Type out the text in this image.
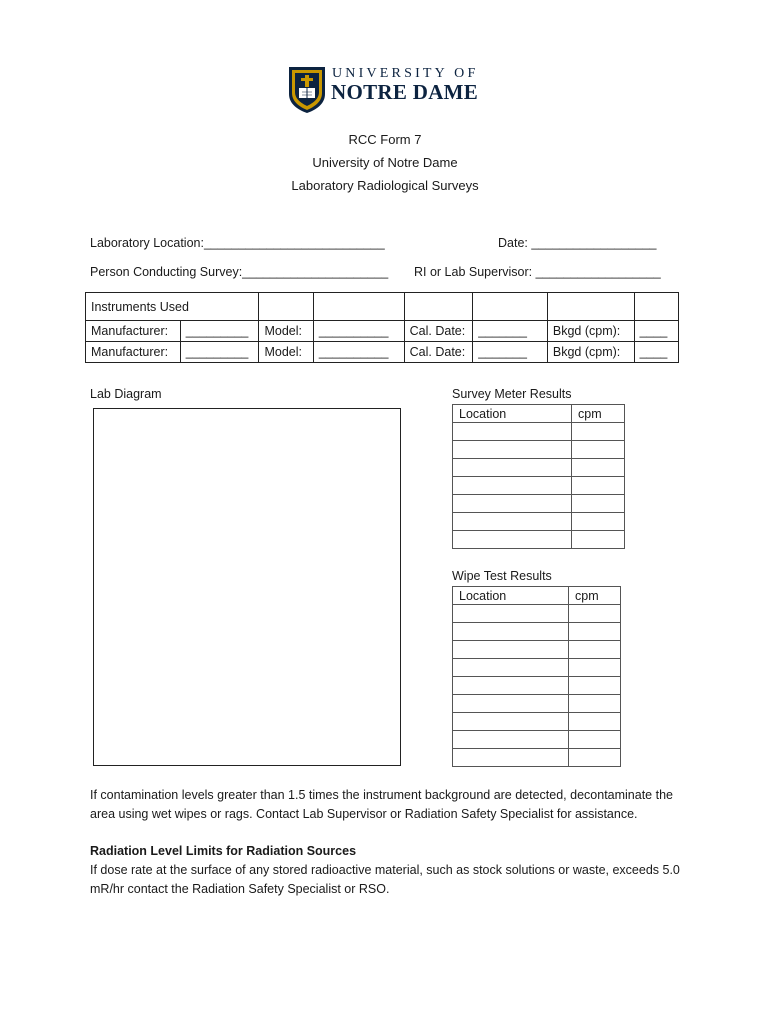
UNIVERSITY OF
NOTRE DAME
RCC Form 7
University of Notre Dame
Laboratory Radiological Surveys
Laboratory Location:__________________________	Date: __________________
Person Conducting Survey:_____________________ RI or Lab Supervisor: __________________
Instruments Used							
Manufacturer:	_________	Model:	__________	Cal. Date:	_______	Bkgd (cpm):	____
Manufacturer:	_________	Model:	__________	Cal. Date:	_______	Bkgd (cpm):	____
Lab Diagram	Survey Meter Results
Location	cpm

Wipe Test Results
Location	cpm

If contamination levels greater than 1.5 times the instrument background are detected, decontaminate the area using wet wipes or rags. Contact Lab Supervisor or Radiation Safety Specialist for assistance.

Radiation Level Limits for Radiation Sources

If dose rate at the surface of any stored radioactive material, such as stock solutions or waste, exceeds 5.0 mR/hr contact the Radiation Safety Specialist or RSO.
